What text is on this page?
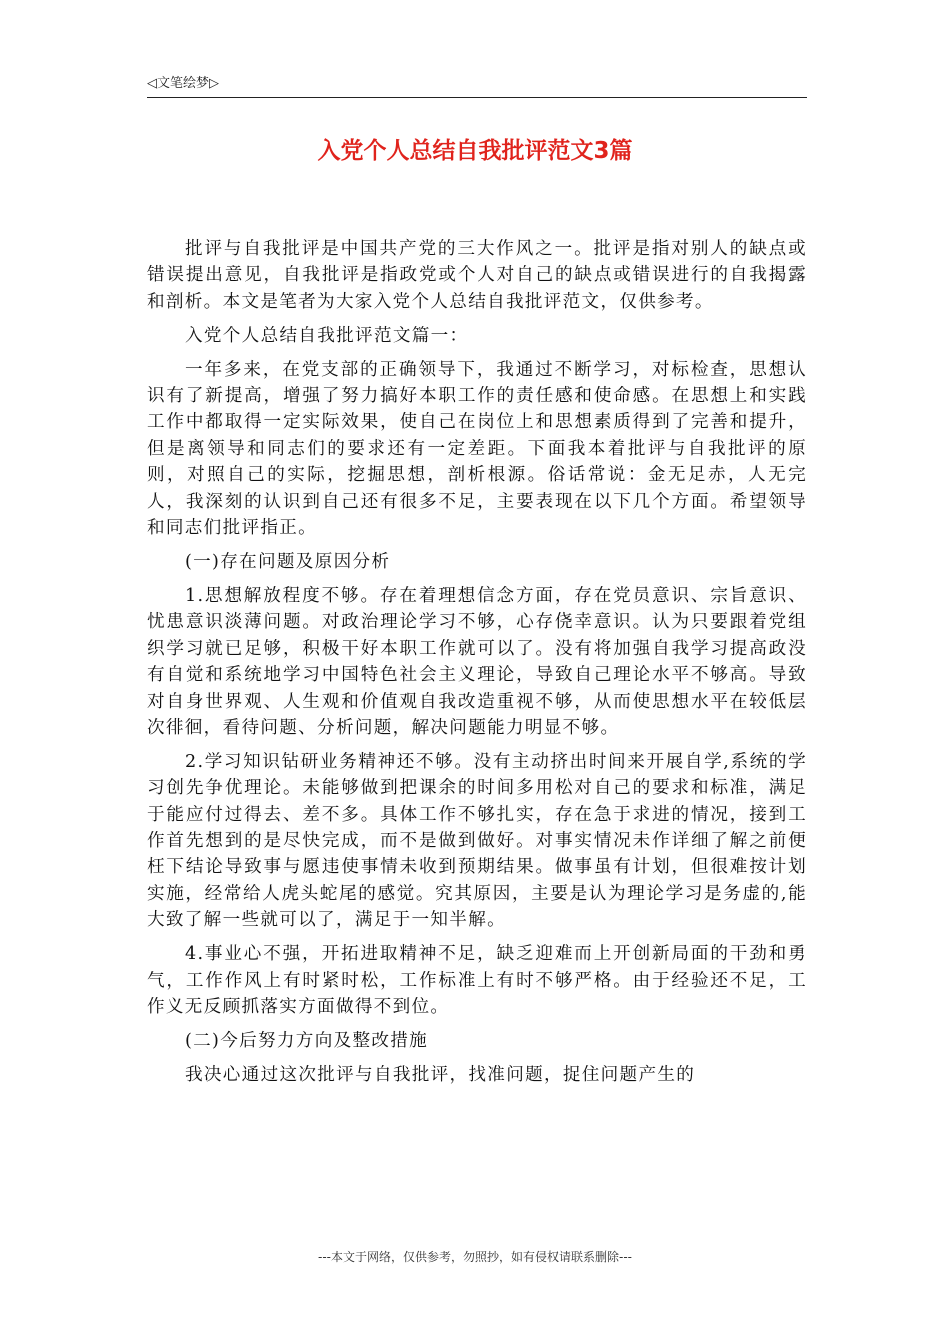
◁文笔绘梦▷
入党个人总结自我批评范文3篇

批评与自我批评是中国共产党的三大作风之一。批评是指对别人的缺点或错误提出意见，自我批评是指政党或个人对自己的缺点或错误进行的自我揭露和剖析。本文是笔者为大家入党个人总结自我批评范文，仅供参考。

入党个人总结自我批评范文篇一：

一年多来，在党支部的正确领导下，我通过不断学习，对标检查，思想认识有了新提高，增强了努力搞好本职工作的责任感和使命感。在思想上和实践工作中都取得一定实际效果，使自己在岗位上和思想素质得到了完善和提升，但是离领导和同志们的要求还有一定差距。下面我本着批评与自我批评的原则，对照自己的实际，挖掘思想，剖析根源。俗话常说：金无足赤，人无完人，我深刻的认识到自己还有很多不足，主要表现在以下几个方面。希望领导和同志们批评指正。

(一)存在问题及原因分析

1.思想解放程度不够。存在着理想信念方面，存在党员意识、宗旨意识、忧患意识淡薄问题。对政治理论学习不够，心存侥幸意识。认为只要跟着党组织学习就已足够，积极干好本职工作就可以了。没有将加强自我学习提高政没有自觉和系统地学习中国特色社会主义理论，导致自己理论水平不够高。导致对自身世界观、人生观和价值观自我改造重视不够，从而使思想水平在较低层次徘徊，看待问题、分析问题，解决问题能力明显不够。

2.学习知识钻研业务精神还不够。没有主动挤出时间来开展自学,系统的学习创先争优理论。未能够做到把课余的时间多用松对自己的要求和标准，满足于能应付过得去、差不多。具体工作不够扎实，存在急于求进的情况，接到工作首先想到的是尽快完成，而不是做到做好。对事实情况未作详细了解之前便枉下结论导致事与愿违使事情未收到预期结果。做事虽有计划，但很难按计划实施，经常给人虎头蛇尾的感觉。究其原因，主要是认为理论学习是务虚的,能大致了解一些就可以了，满足于一知半解。

4.事业心不强，开拓进取精神不足，缺乏迎难而上开创新局面的干劲和勇气，工作作风上有时紧时松，工作标准上有时不够严格。由于经验还不足，工作义无反顾抓落实方面做得不到位。

(二)今后努力方向及整改措施

我决心通过这次批评与自我批评，找准问题，捉住问题产生的

---本文于网络，仅供参考，勿照抄，如有侵权请联系删除---
